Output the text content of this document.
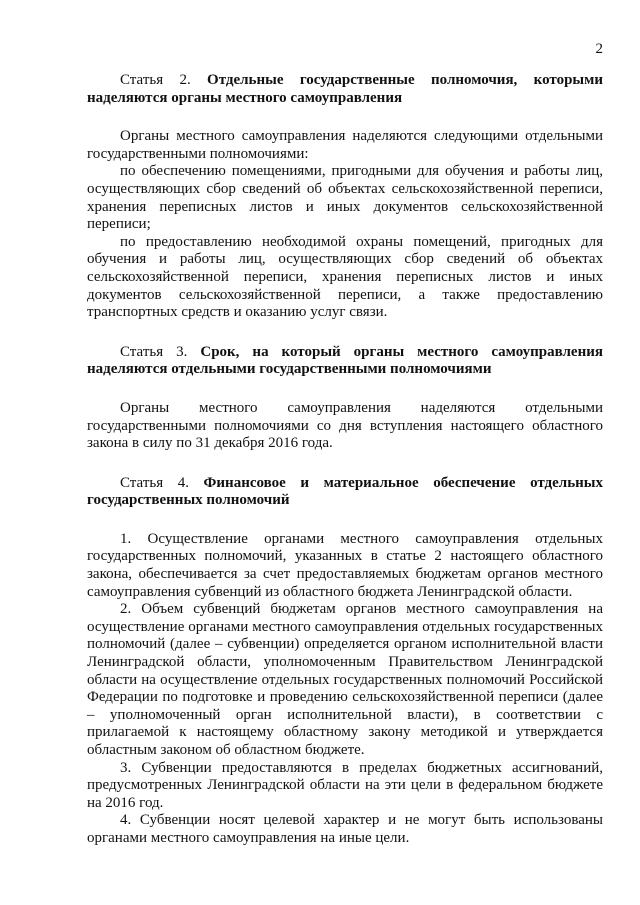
2

Статья 2. Отдельные государственные полномочия, которыми наделяются органы местного самоуправления

Органы местного самоуправления наделяются следующими отдельными государственными полномочиями:

по обеспечению помещениями, пригодными для обучения и работы лиц, осуществляющих сбор сведений об объектах сельскохозяйственной переписи, хранения переписных листов и иных документов сельскохозяйственной переписи;

по предоставлению необходимой охраны помещений, пригодных для обучения и работы лиц, осуществляющих сбор сведений об объектах сельскохозяйственной переписи, хранения переписных листов и иных документов сельскохозяйственной переписи, а также предоставлению транспортных средств и оказанию услуг связи.

Статья 3. Срок, на который органы местного самоуправления наделяются отдельными государственными полномочиями

Органы местного самоуправления наделяются отдельными государственными полномочиями со дня вступления настоящего областного закона в силу по 31 декабря 2016 года.

Статья 4. Финансовое и материальное обеспечение отдельных государственных полномочий

1. Осуществление органами местного самоуправления отдельных государственных полномочий, указанных в статье 2 настоящего областного закона, обеспечивается за счет предоставляемых бюджетам органов местного самоуправления субвенций из областного бюджета Ленинградской области.

2. Объем субвенций бюджетам органов местного самоуправления на осуществление органами местного самоуправления отдельных государственных полномочий (далее – субвенции) определяется органом исполнительной власти Ленинградской области, уполномоченным Правительством Ленинградской области на осуществление отдельных государственных полномочий Российской Федерации по подготовке и проведению сельскохозяйственной переписи (далее – уполномоченный орган исполнительной власти), в соответствии с прилагаемой к настоящему областному закону методикой и утверждается областным законом об областном бюджете.

3. Субвенции предоставляются в пределах бюджетных ассигнований, предусмотренных Ленинградской области на эти цели в федеральном бюджете на 2016 год.

4. Субвенции носят целевой характер и не могут быть использованы органами местного самоуправления на иные цели.
